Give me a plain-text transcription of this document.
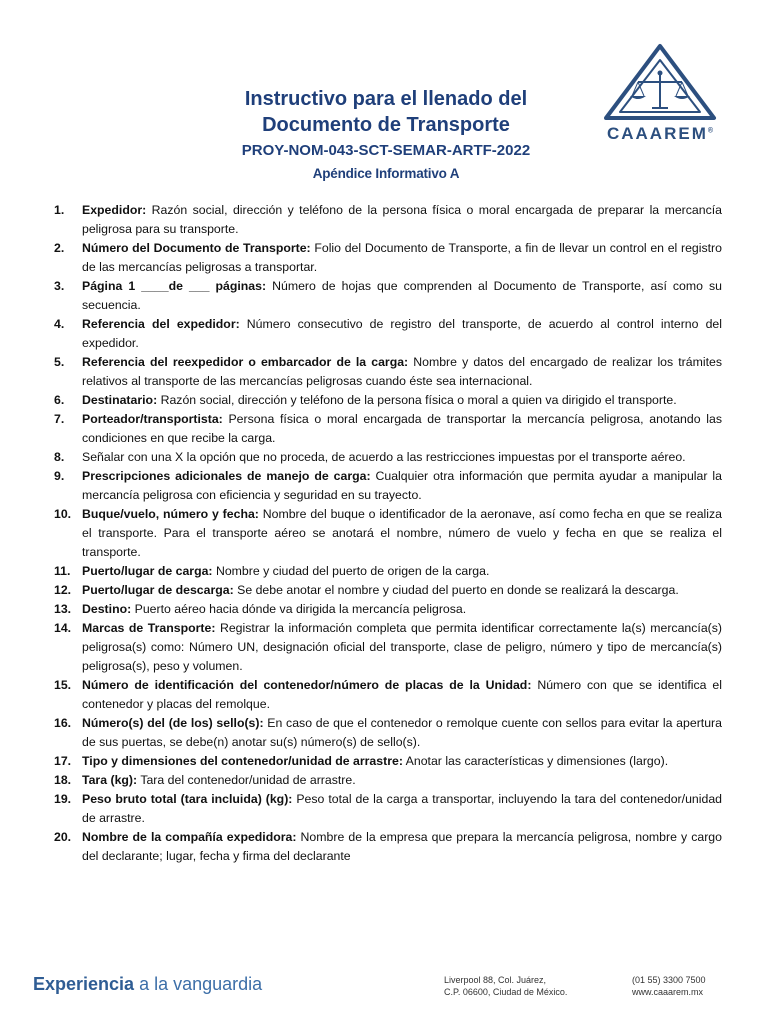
Instructivo para el llenado del
Documento de Transporte
PROY-NOM-043-SCT-SEMAR-ARTF-2022
Apéndice Informativo A
CAAAREM®
1.	Expedidor: Razón social, dirección y teléfono de la persona física o moral encargada de preparar la mercancía peligrosa para su transporte.
2.	Número del Documento de Transporte: Folio del Documento de Transporte, a fin de llevar un control en el registro de las mercancías peligrosas a transportar.
3.	Página 1 ____de ___ páginas: Número de hojas que comprenden al Documento de Transporte, así como su secuencia.
4.	Referencia del expedidor: Número consecutivo de registro del transporte, de acuerdo al control interno del expedidor.
5.	Referencia del reexpedidor o embarcador de la carga: Nombre y datos del encargado de realizar los trámites relativos al transporte de las mercancías peligrosas cuando éste sea internacional.
6.	Destinatario: Razón social, dirección y teléfono de la persona física o moral a quien va dirigido el transporte.
7.	Porteador/transportista: Persona física o moral encargada de transportar la mercancía peligrosa, anotando las condiciones en que recibe la carga.
8.	Señalar con una X la opción que no proceda, de acuerdo a las restricciones impuestas por el transporte aéreo.
9.	Prescripciones adicionales de manejo de carga: Cualquier otra información que permita ayudar a manipular la mercancía peligrosa con eficiencia y seguridad en su trayecto.
10. Buque/vuelo, número y fecha: Nombre del buque o identificador de la aeronave, así como fecha en que se realiza el transporte. Para el transporte aéreo se anotará el nombre, número de vuelo y fecha en que se realiza el transporte.
11. Puerto/lugar de carga: Nombre y ciudad del puerto de origen de la carga.
12. Puerto/lugar de descarga: Se debe anotar el nombre y ciudad del puerto en donde se realizará la descarga.
13. Destino: Puerto aéreo hacia dónde va dirigida la mercancía peligrosa.
14. Marcas de Transporte: Registrar la información completa que permita identificar correctamente la(s) mercancía(s) peligrosa(s) como: Número UN, designación oficial del transporte, clase de peligro, número y tipo de mercancía(s) peligrosa(s), peso y volumen.
15. Número de identificación del contenedor/número de placas de la Unidad: Número con que se identifica el contenedor y placas del remolque.
16. Número(s) del (de los) sello(s): En caso de que el contenedor o remolque cuente con sellos para evitar la apertura de sus puertas, se debe(n) anotar su(s) número(s) de sello(s).
17. Tipo y dimensiones del contenedor/unidad de arrastre: Anotar las características y dimensiones (largo).
18. Tara (kg): Tara del contenedor/unidad de arrastre.
19. Peso bruto total (tara incluida) (kg): Peso total de la carga a transportar, incluyendo la tara del contenedor/unidad de arrastre.
20. Nombre de la compañía expedidora: Nombre de la empresa que prepara la mercancía peligrosa, nombre y cargo del declarante; lugar, fecha y firma del declarante
Experiencia a la vanguardia	Liverpool 88, Col. Juárez,
C.P. 06600, Ciudad de México.
(01 55) 3300 7500
www.caaarem.mx
